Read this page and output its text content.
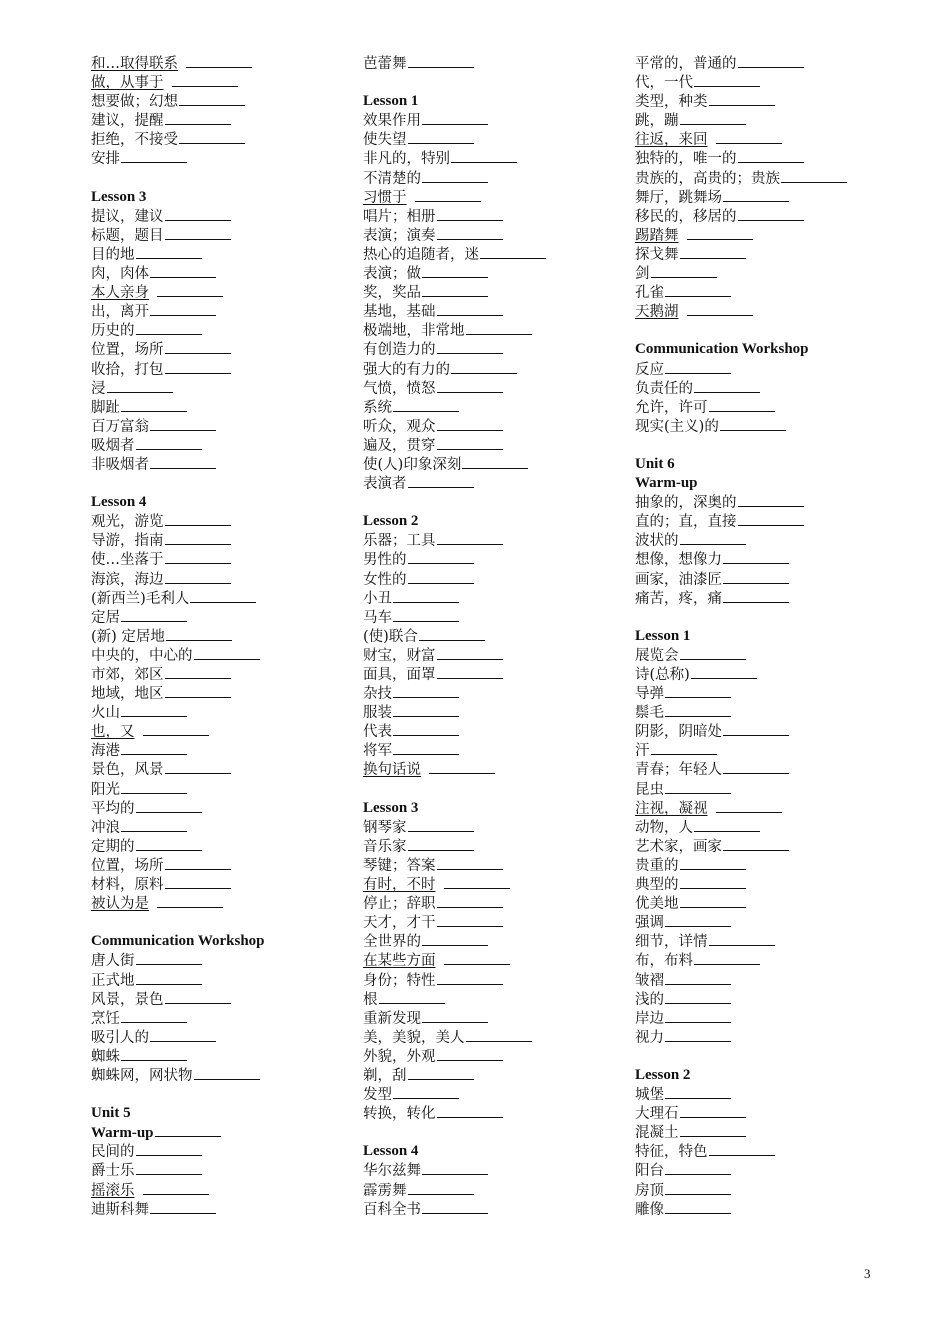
和…取得联系
做，从事于
想要做；幻想
建议，提醒
拒绝，不接受
安排
Lesson 3
提议，建议
标题，题目
目的地
肉，肉体
本人亲身
出，离开
历史的
位置，场所
收拾，打包
浸
脚趾
百万富翁
吸烟者
非吸烟者
Lesson 4
观光，游览
导游，指南
使…坐落于
海滨，海边
(新西兰)毛利人
定居
(新) 定居地
中央的，中心的
市郊，郊区
地域，地区
火山
也，又
海港
景色，风景
阳光
平均的
冲浪
定期的
位置，场所
材料，原料
被认为是
Communication Workshop
唐人街
正式地
风景，景色
烹饪
吸引人的
蜘蛛
蜘蛛网，网状物
Unit 5
Warm-up
民间的
爵士乐
摇滚乐
迪斯科舞
芭蕾舞
Lesson 1
效果作用
使失望
非凡的，特别
不清楚的
习惯于
唱片；相册
表演；演奏
热心的追随者，迷
表演；做
奖，奖品
基地，基础
极端地，非常地
有创造力的
强大的有力的
气愤，愤怒
系统
听众，观众
遍及，贯穿
使(人)印象深刻
表演者
Lesson 2
乐器；工具
男性的
女性的
小丑
马车
(使)联合
财宝，财富
面具，面罩
杂技
服装
代表
将军
换句话说
Lesson 3
钢琴家
音乐家
琴键；答案
有时，不时
停止；辞职
天才，才干
全世界的
在某些方面
身份；特性
根
重新发现
美，美貌，美人
外貌，外观
剃，刮
发型
转换，转化
Lesson 4
华尔兹舞
霹雳舞
百科全书
平常的，普通的
代，一代
类型，种类
跳，蹦
往返，来回
独特的，唯一的
贵族的，高贵的；贵族
舞厅，跳舞场
移民的，移居的
踢踏舞
探戈舞
剑
孔雀
天鹅湖
Communication Workshop
反应
负责任的
允许，许可
现实(主义)的
Unit 6
Warm-up
抽象的，深奥的
直的；直，直接
波状的
想像，想像力
画家，油漆匠
痛苦，疼，痛
Lesson 1
展览会
诗(总称)
导弹
鬃毛
阴影，阴暗处
汗
青春；年轻人
昆虫
注视，凝视
动物，人
艺术家，画家
贵重的
典型的
优美地
强调
细节，详情
布，布料
皱褶
浅的
岸边
视力
Lesson 2
城堡
大理石
混凝土
特征，特色
阳台
房顶
雕像
3
